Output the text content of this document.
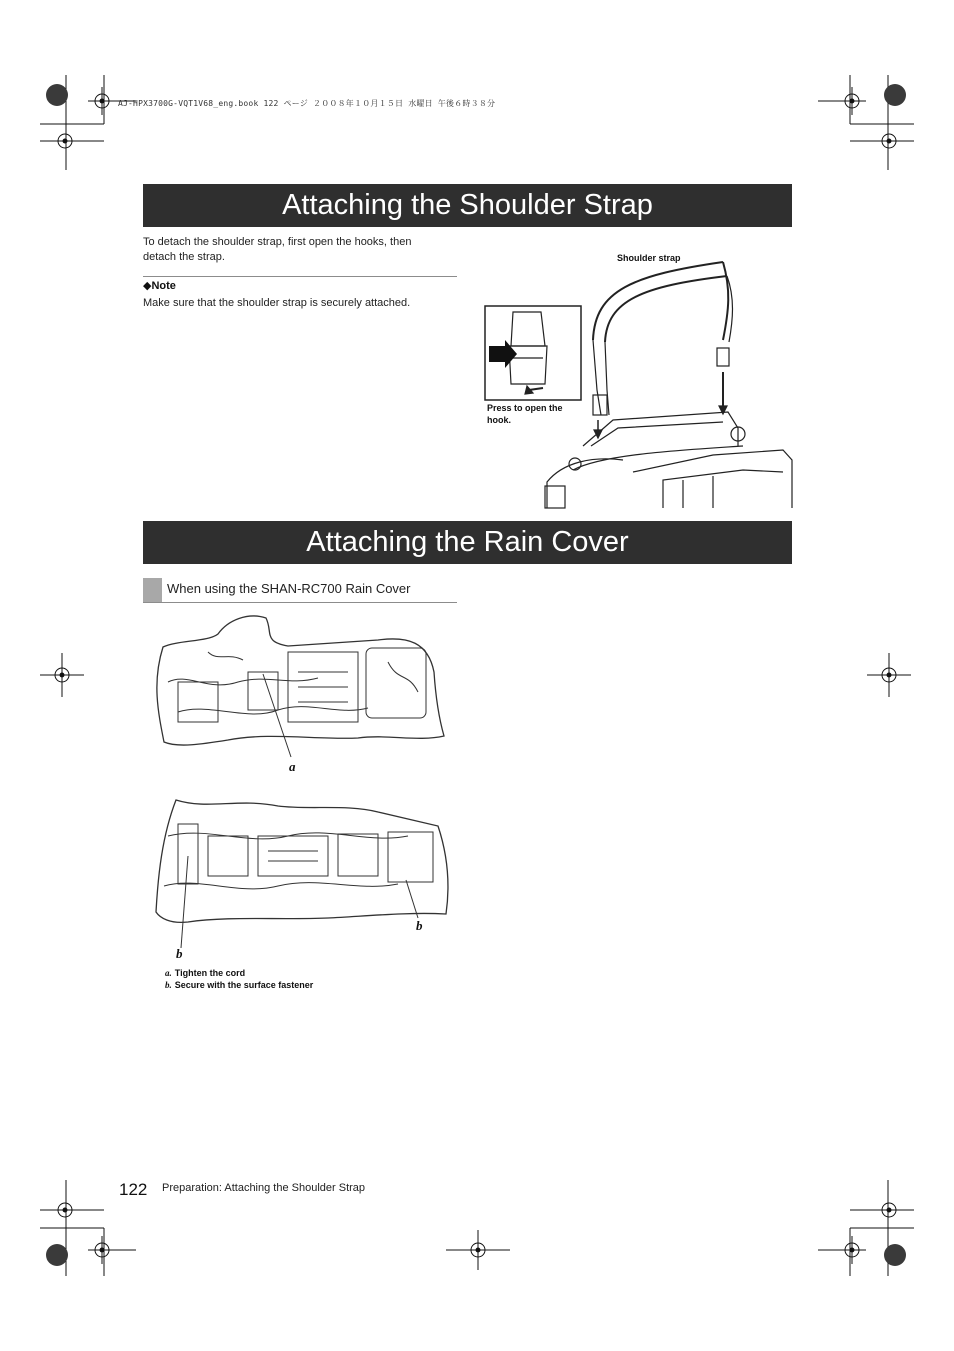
AJ-HPX3700G-VQT1V68_eng.book 122 ページ ２００８年１０月１５日 水曜日 午後６時３８分
Attaching the Shoulder Strap
To detach the shoulder strap, first open the hooks, then
detach the strap.
◆Note
Make sure that the shoulder strap is securely attached.
Shoulder strap
Press to open the
hook.
Attaching the Rain Cover
When using the SHAN-RC700 Rain Cover
a
b
b
a. Tighten the cord
b. Secure with the surface fastener
122 Preparation: Attaching the Shoulder Strap
